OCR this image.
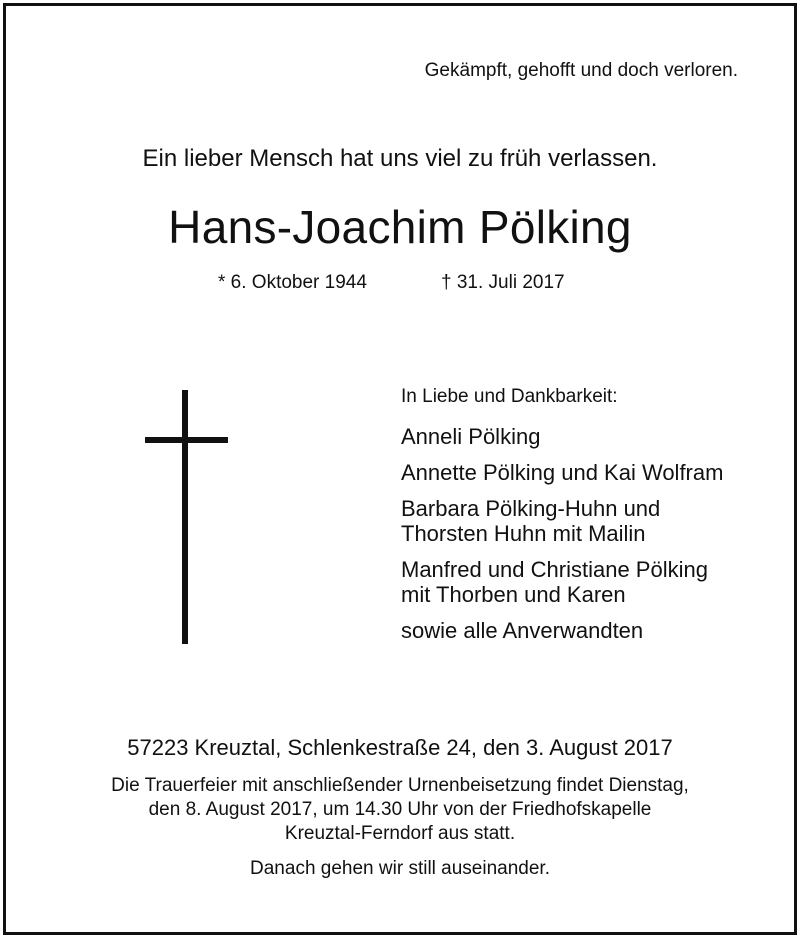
Gekämpft, gehofft und doch verloren.
Ein lieber Mensch hat uns viel zu früh verlassen.
Hans-Joachim Pölking
* 6. Oktober 1944	† 31. Juli 2017
In Liebe und Dankbarkeit:
Anneli Pölking
Annette Pölking und Kai Wolfram
Barbara Pölking-Huhn und
Thorsten Huhn mit Mailin
Manfred und Christiane Pölking
mit Thorben und Karen
sowie alle Anverwandten
57223 Kreuztal, Schlenkestraße 24, den 3. August 2017
Die Trauerfeier mit anschließender Urnenbeisetzung findet Dienstag,
den 8. August 2017, um 14.30 Uhr von der Friedhofskapelle
Kreuztal-Ferndorf aus statt.
Danach gehen wir still auseinander.
